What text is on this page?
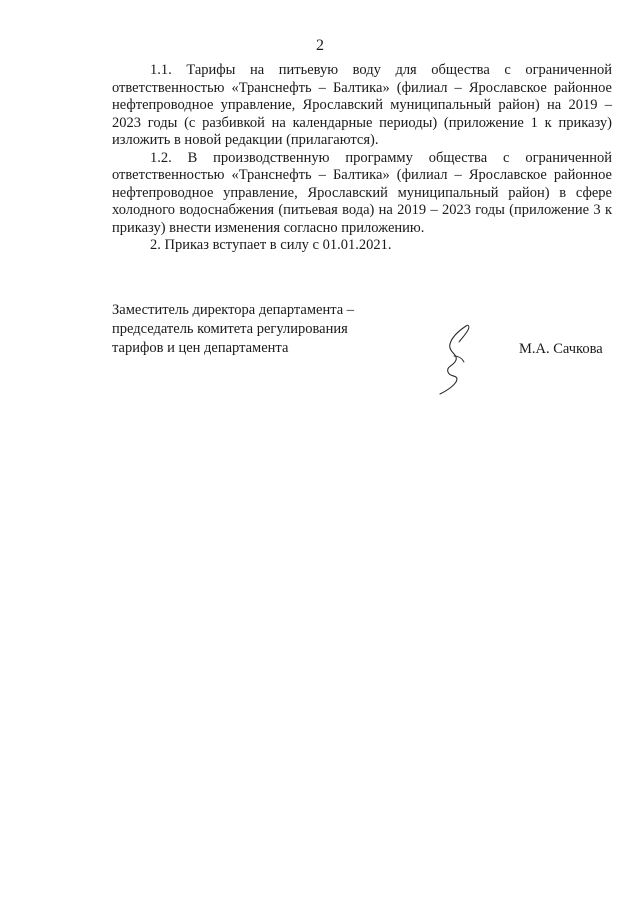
2

1.1. Тарифы на питьевую воду для общества с ограниченной ответственностью «Транснефть – Балтика» (филиал – Ярославское районное нефтепроводное управление, Ярославский муниципальный район) на 2019 – 2023 годы (с разбивкой на календарные периоды) (приложение 1 к приказу) изложить в новой редакции (прилагаются).

1.2. В производственную программу общества с ограниченной ответственностью «Транснефть – Балтика» (филиал – Ярославское районное нефтепроводное управление, Ярославский муниципальный район) в сфере холодного водоснабжения (питьевая вода) на 2019 – 2023 годы (приложение 3 к приказу) внести изменения согласно приложению.

2. Приказ вступает в силу с 01.01.2021.

Заместитель директора департамента –
председатель комитета регулирования
тарифов и цен департамента	М.А. Сачкова
